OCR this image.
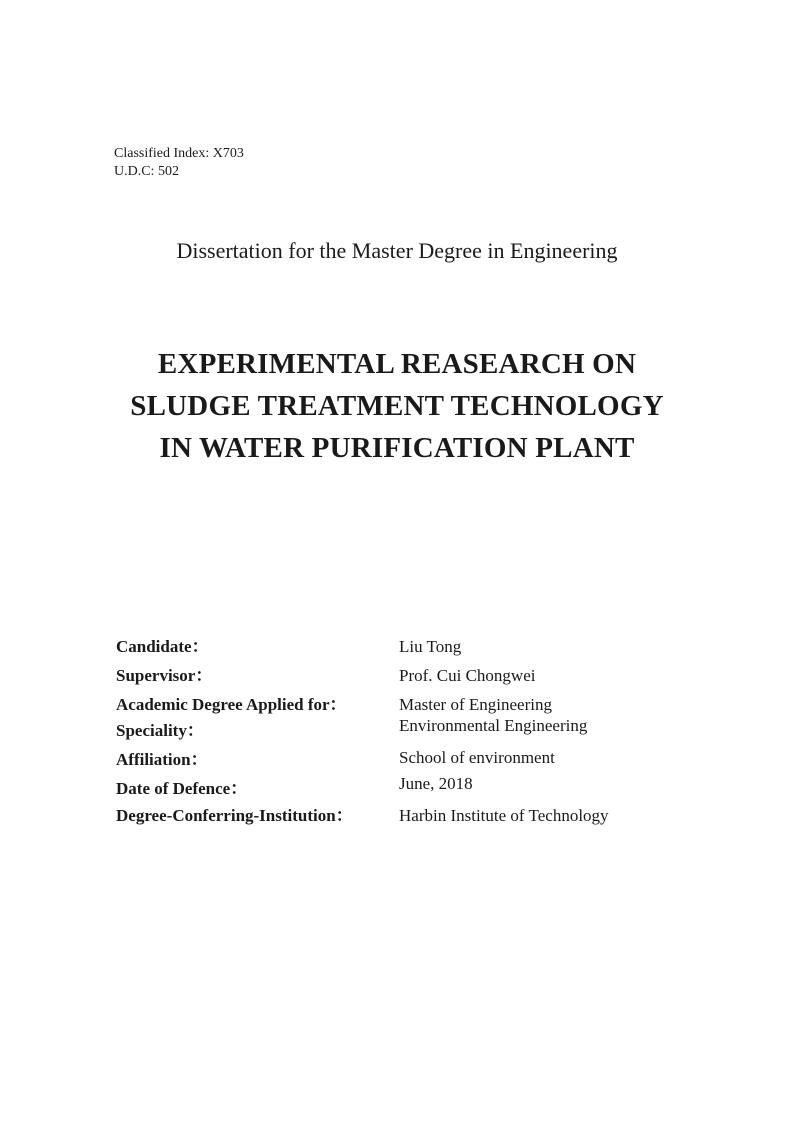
Classified Index: X703
U.D.C: 502
Dissertation for the Master Degree in Engineering
EXPERIMENTAL REASEARCH ON
SLUDGE TREATMENT TECHNOLOGY
IN WATER PURIFICATION PLANT
Candidate：	Liu Tong
Supervisor：	Prof. Cui Chongwei
Academic Degree Applied for：	Master of Engineering
Speciality：	Environmental Engineering
Affiliation：	School of environment
Date of Defence：	June, 2018
Degree-Conferring-Institution：	Harbin Institute of Technology
